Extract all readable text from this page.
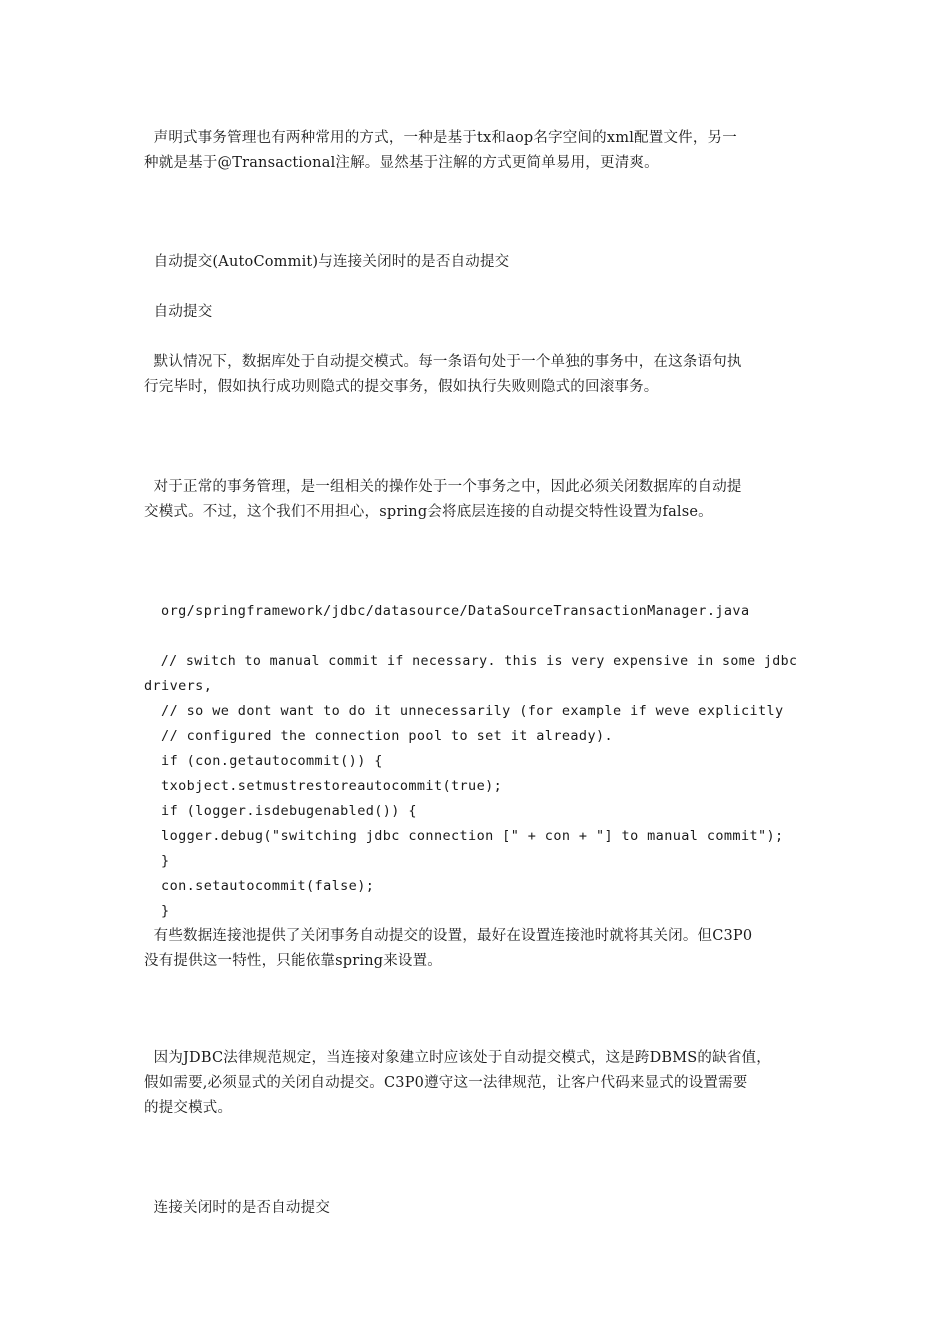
声明式事务管理也有两种常用的方式，一种是基于tx和aop名字空间的xml配置文件，另一
种就是基于@Transactional注解。显然基于注解的方式更简单易用，更清爽。
自动提交(AutoCommit)与连接关闭时的是否自动提交
自动提交
默认情况下，数据库处于自动提交模式。每一条语句处于一个单独的事务中，在这条语句执
行完毕时，假如执行成功则隐式的提交事务，假如执行失败则隐式的回滚事务。
对于正常的事务管理，是一组相关的操作处于一个事务之中，因此必须关闭数据库的自动提
交模式。不过，这个我们不用担心，spring会将底层连接的自动提交特性设置为false。
org/springframework/jdbc/datasource/DataSourceTransactionManager.java
// switch to manual commit if necessary. this is very expensive in some jdbc
drivers,
// so we dont want to do it unnecessarily (for example if weve explicitly
// configured the connection pool to set it already).
if (con.getautocommit()) {
txobject.setmustrestoreautocommit(true);
if (logger.isdebugenabled()) {
logger.debug("switching jdbc connection [" + con + "] to manual commit");
}
con.setautocommit(false);
}
有些数据连接池提供了关闭事务自动提交的设置，最好在设置连接池时就将其关闭。但C3P0
没有提供这一特性，只能依靠spring来设置。
因为JDBC法律规范规定，当连接对象建立时应该处于自动提交模式，这是跨DBMS的缺省值，
假如需要,必须显式的关闭自动提交。C3P0遵守这一法律规范，让客户代码来显式的设置需要
的提交模式。
连接关闭时的是否自动提交
